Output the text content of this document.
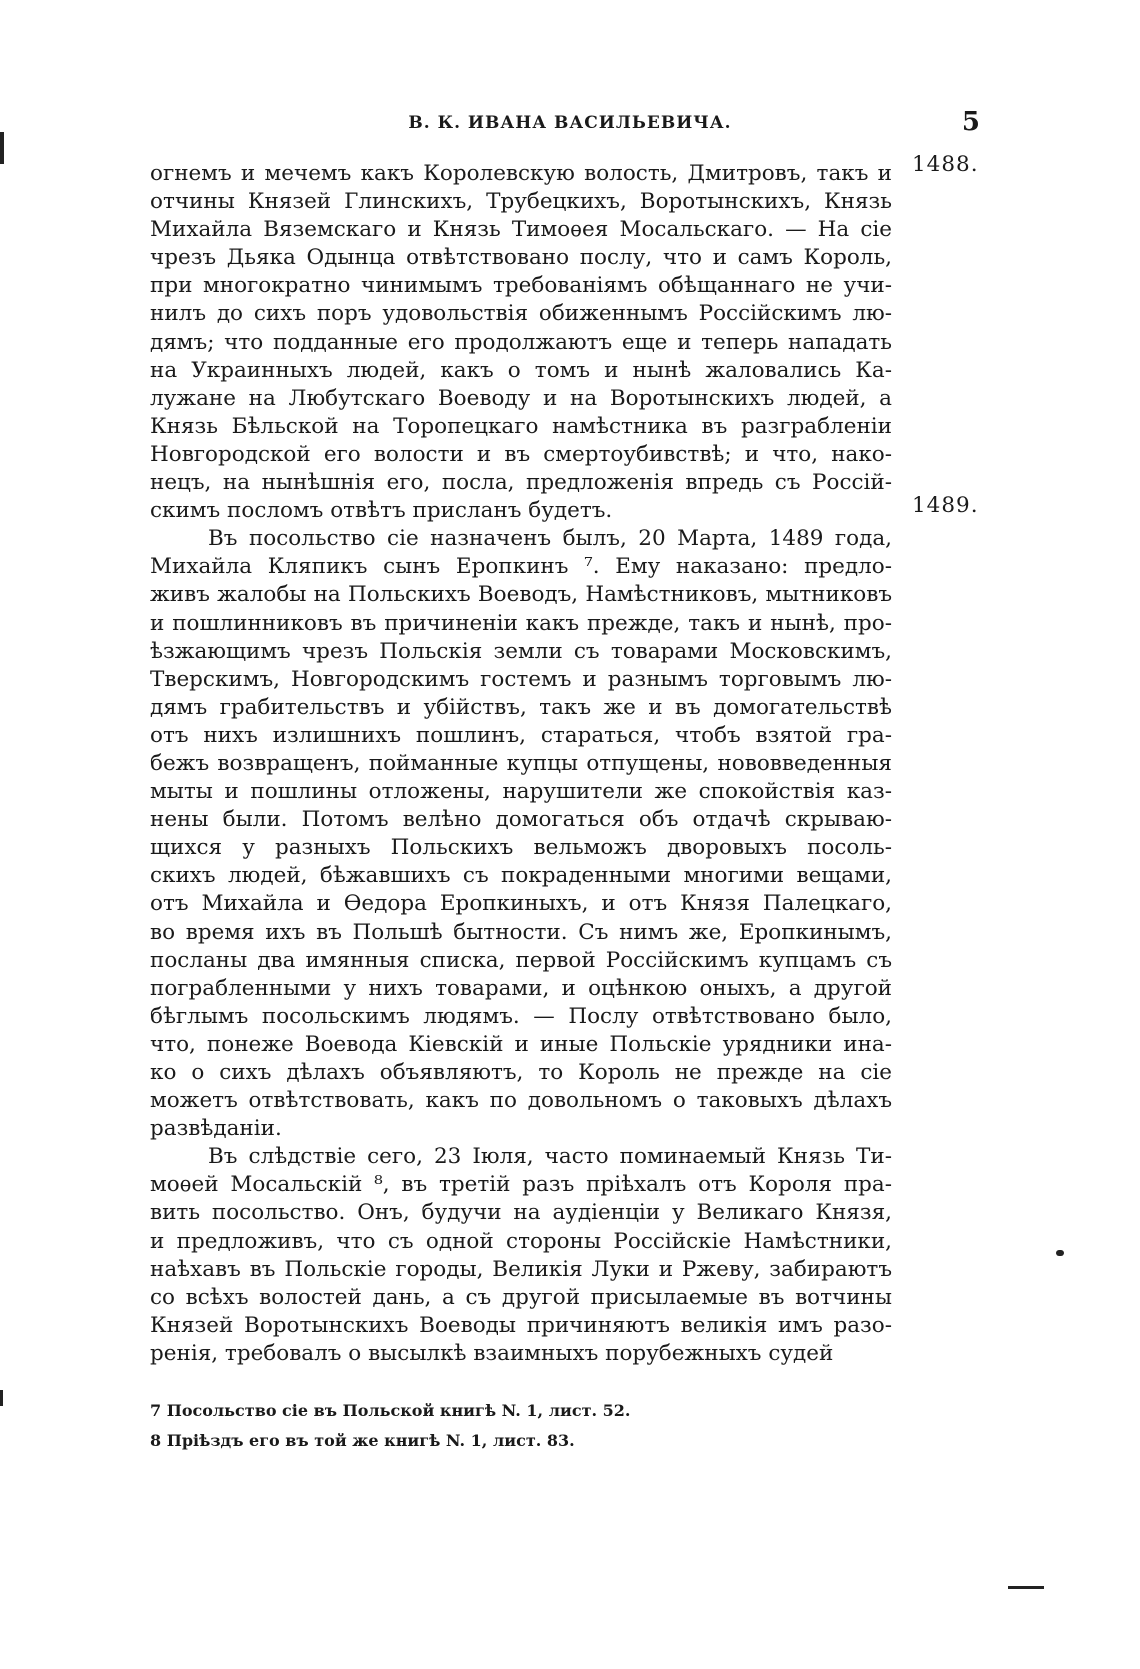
В. К. ИВАНА ВАСИЛЬЕВИЧА.	5
1488.
1489.
огнемъ и мечемъ какъ Королевскую волость, Дмитровъ, такъ и
отчины Князей Глинскихъ, Трубецкихъ, Воротынскихъ, Князь
Михайла Вяземскаго и Князь Тимоѳея Мосальскаго. — На сіе
чрезъ Дьяка Одынца отвѣтствовано послу, что и самъ Король,
при многократно чинимымъ требованіямъ обѣщаннаго не учи-
нилъ до сихъ поръ удовольствія обиженнымъ Россійскимъ лю-
дямъ; что подданные его продолжаютъ еще и теперь нападать
на Украинныхъ людей, какъ о томъ и нынѣ жаловались Ка-
лужане на Любутскаго Воеводу и на Воротынскихъ людей, а
Князь Бѣльской на Торопецкаго намѣстника въ разграбленіи
Новгородской его волости и въ смертоубивствѣ; и что, нако-
нецъ, на нынѣшнія его, посла, предложенія впредь съ Россій-
скимъ посломъ отвѣтъ присланъ будетъ.
Въ посольство сіе назначенъ былъ, 20 Марта, 1489 года,
Михайла Кляпикъ сынъ Еропкинъ ⁷. Ему наказано: предло-
живъ жалобы на Польскихъ Воеводъ, Намѣстниковъ, мытниковъ
и пошлинниковъ въ причиненіи какъ прежде, такъ и нынѣ, про-
ѣзжающимъ чрезъ Польскія земли съ товарами Московскимъ,
Тверскимъ, Новгородскимъ гостемъ и разнымъ торговымъ лю-
дямъ грабительствъ и убійствъ, такъ же и въ домогательствѣ
отъ нихъ излишнихъ пошлинъ, стараться, чтобъ взятой гра-
бежъ возвращенъ, пойманные купцы отпущены, нововведенныя
мыты и пошлины отложены, нарушители же спокойствія каз-
нены были. Потомъ велѣно домогаться объ отдачѣ скрываю-
щихся у разныхъ Польскихъ вельможъ дворовыхъ посоль-
скихъ людей, бѣжавшихъ съ покраденными многими вещами,
отъ Михайла и Ѳедора Еропкиныхъ, и отъ Князя Палецкаго,
во время ихъ въ Польшѣ бытности. Съ нимъ же, Еропкинымъ,
посланы два имянныя списка, первой Россійскимъ купцамъ съ
пограбленными у нихъ товарами, и оцѣнкою оныхъ, а другой
бѣглымъ посольскимъ людямъ. — Послу отвѣтствовано было,
что, понеже Воевода Кіевскій и иные Польскіе урядники ина-
ко о сихъ дѣлахъ объявляютъ, то Король не прежде на сіе
можетъ отвѣтствовать, какъ по довольномъ о таковыхъ дѣлахъ
развѣданіи.
Въ слѣдствіе сего, 23 Іюля, часто поминаемый Князь Ти-
моѳей Мосальскій ⁸, въ третій разъ пріѣхалъ отъ Короля пра-
вить посольство. Онъ, будучи на аудіенціи у Великаго Князя,
и предложивъ, что съ одной стороны Россійскіе Намѣстники,
наѣхавъ въ Польскіе городы, Великія Луки и Ржеву, забираютъ
со всѣхъ волостей дань, а съ другой присылаемые въ вотчины
Князей Воротынскихъ Воеводы причиняютъ великія имъ разо-
ренія, требовалъ о высылкѣ взаимныхъ порубежныхъ судей
7 Посольство сіе въ Польской книгѣ N. 1, лист. 52.
8 Пріѣздъ его въ той же книгѣ N. 1, лист. 83.
